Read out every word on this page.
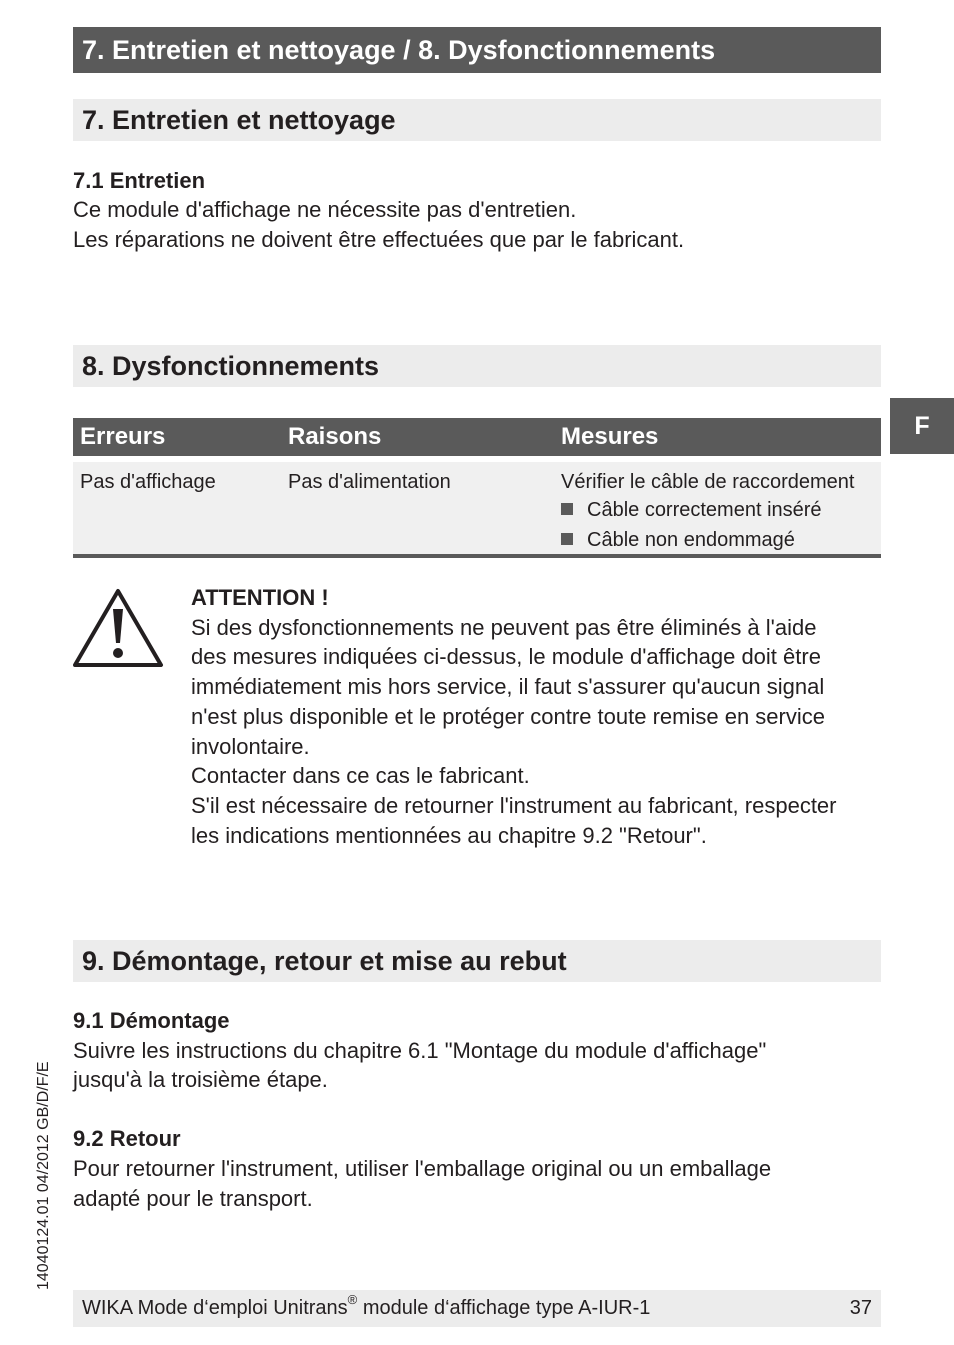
7. Entretien et nettoyage / 8. Dysfonctionnements
7. Entretien et nettoyage
7.1 Entretien
Ce module d'affichage ne nécessite pas d'entretien.
Les réparations ne doivent être effectuées que par le fabricant.
8. Dysfonctionnements
F
Erreurs	Raisons	Mesures
Pas d'affichage	Pas d'alimentation	Vérifier le câble de raccordement
Câble correctement inséré
Câble non endommagé
ATTENTION !
Si des dysfonctionnements ne peuvent pas être éliminés à l'aide
des mesures indiquées ci-dessus, le module d'affichage doit être
immédiatement mis hors service, il faut s'assurer qu'aucun signal
n'est plus disponible et le protéger contre toute remise en service
involontaire.
Contacter dans ce cas le fabricant.
S'il est nécessaire de retourner l'instrument au fabricant, respecter
les indications mentionnées au chapitre 9.2 "Retour".
9. Démontage, retour et mise au rebut
9.1 Démontage
Suivre les instructions du chapitre 6.1 "Montage du module d'affichage"
jusqu'à la troisième étape.
9.2 Retour
Pour retourner l'instrument, utiliser l'emballage original ou un emballage
adapté pour le transport.
14040124.01 04/2012 GB/D/F/E
WIKA Mode d‘emploi Unitrans® module d‘affichage type A-IUR-1	37
